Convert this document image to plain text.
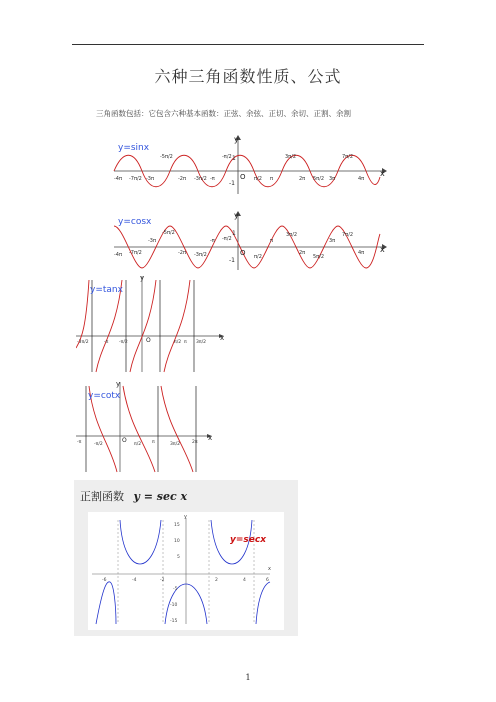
六种三角函数性质、公式
三角函数包括：它包含六种基本函数：正弦、余弦、正切、余切、正割、余割
y=sinx
y
x
O
1
-1
-5π/2	-π/2	3π/2	7π/2
-4π -7π/2 -3π	-2π -3π/2 -π	π/2 π	2π 5π/2 3π	4π
y=cosx
y
x
O
1
-1
-5π/2
-3π	-π -π/2
3π/2
π	3π
7π/2
-4π -7π/2	-2π -3π/2	π/2
2π
5π/2
4π
y=tanx
y
x
O
-3π/2	-π -π/2	π/2 π 3π/2
y=cotx
y
x
O
-π	-π/2	π/2 π	3π/2	2π
正割函数 y = sec x
y=secx
y
x
15
10
5
-5
-10
-15
-6	-4	-2	2	4	6
1
